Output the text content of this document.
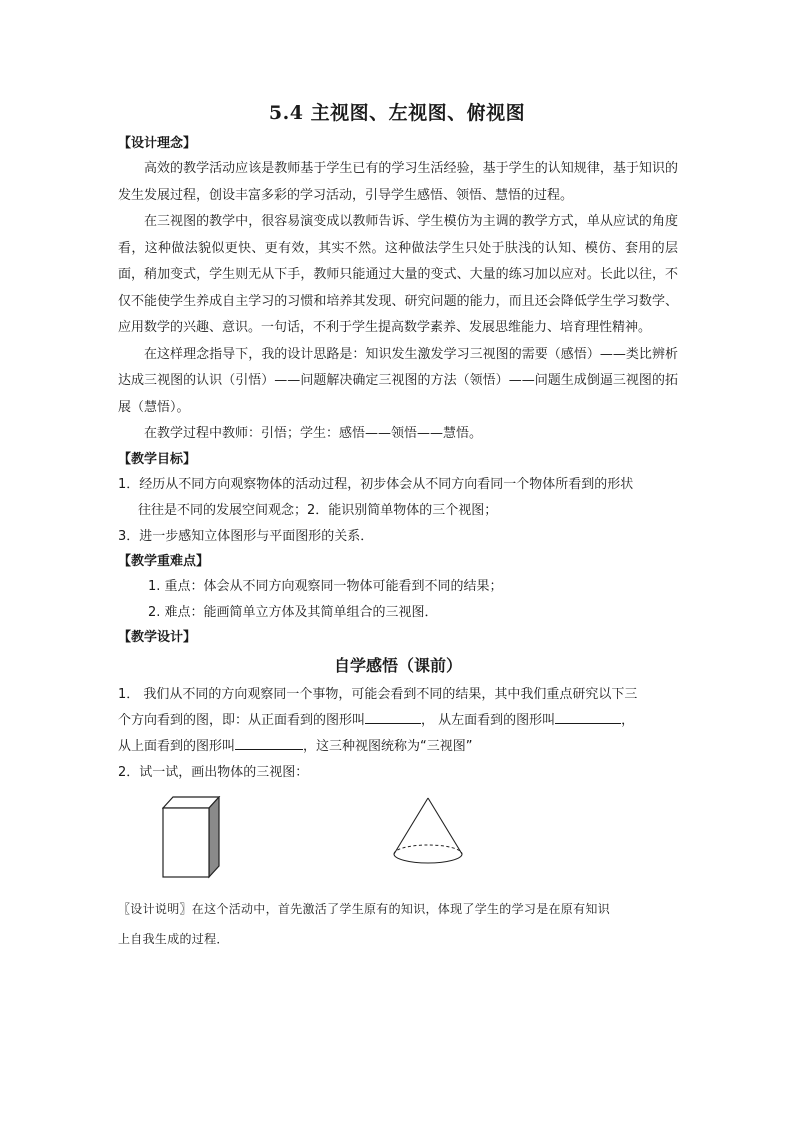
5.4 主视图、左视图、俯视图
【设计理念】
高效的教学活动应该是教师基于学生已有的学习生活经验，基于学生的认知规律，基于知识的发生发展过程，创设丰富多彩的学习活动，引导学生感悟、领悟、慧悟的过程。
在三视图的教学中，很容易演变成以教师告诉、学生模仿为主调的教学方式，单从应试的角度看，这种做法貌似更快、更有效，其实不然。这种做法学生只处于肤浅的认知、模仿、套用的层面，稍加变式，学生则无从下手，教师只能通过大量的变式、大量的练习加以应对。长此以往，不仅不能使学生养成自主学习的习惯和培养其发现、研究问题的能力，而且还会降低学生学习数学、应用数学的兴趣、意识。一句话，不利于学生提高数学素养、发展思维能力、培育理性精神。
在这样理念指导下，我的设计思路是：知识发生激发学习三视图的需要（感悟）——类比辨析达成三视图的认识（引悟）——问题解决确定三视图的方法（领悟）——问题生成倒逼三视图的拓展（慧悟）。
在教学过程中教师：引悟；学生：感悟——领悟——慧悟。
【教学目标】
1．经历从不同方向观察物体的活动过程，初步体会从不同方向看同一个物体所看到的形状
往往是不同的发展空间观念；2．能识别简单物体的三个视图；
3．进一步感知立体图形与平面图形的关系．
【教学重难点】
1. 重点：体会从不同方向观察同一物体可能看到不同的结果；
2. 难点：能画简单立方体及其简单组合的三视图．
【教学设计】
自学感悟（课前）
1． 我们从不同的方向观察同一个事物，可能会看到不同的结果，其中我们重点研究以下三
个方向看到的图，即：从正面看到的图形叫	， 从左面看到的图形叫	，
从上面看到的图形叫	，这三种视图统称为“三视图”
2．试一试，画出物体的三视图：
〖设计说明〗在这个活动中，首先激活了学生原有的知识，体现了学生的学习是在原有知识
上自我生成的过程．
